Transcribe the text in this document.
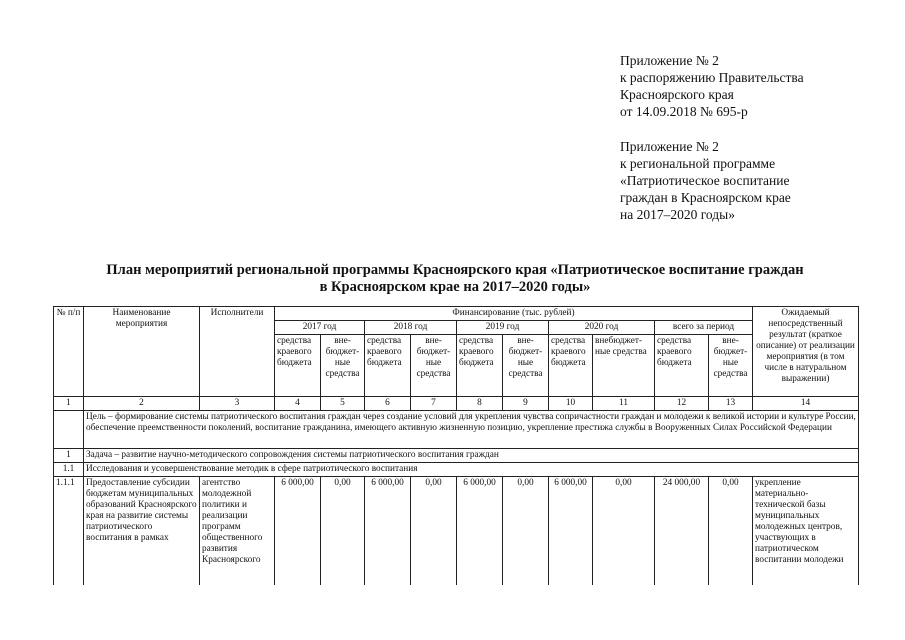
Приложение № 2
к распоряжению Правительства
Красноярского края
от 14.09.2018 № 695-р
Приложение № 2
к региональной программе
«Патриотическое воспитание
граждан в Красноярском крае
на 2017–2020 годы»
План мероприятий региональной программы Красноярского края «Патриотическое воспитание граждан
в Красноярском крае на 2017–2020 годы»
№ п/п	Наименование мероприятия	Исполнители	Финансирование (тыс. рублей)										Ожидаемый непосредственный результат (краткое описание) от реализации мероприятия (в том числе в натуральном выражении)
			2017 год		2018 год		2019 год		2020 год		всего за период		
			средства краевого бюджета	вне-бюджет-ные средства	средства краевого бюджета	вне-бюджет-ные средства	средства краевого бюджета	вне-бюджет-ные средства	средства краевого бюджета	внебюджет-ные средства	средства краевого бюджета	вне-бюджет-ные средства	
1	2	3	4	5	6	7	8	9	10	11	12	13	14
	Цель – формирование системы патриотического воспитания граждан через создание условий для укрепления чувства сопричастности граждан и молодежи к великой истории и культуре России, обеспечение преемственности поколений, воспитание гражданина, имеющего активную жизненную позицию, укрепление престижа службы в Вооруженных Силах Российской Федерации												
1	Задача – развитие научно-методического сопровождения системы патриотического воспитания граждан												
1.1	Исследования и усовершенствование методик в сфере патриотического воспитания												
1.1.1	Предоставление субсидии бюджетам муниципальных образований Красноярского края на развитие системы патриотического воспитания в рамках	агентство молодежной политики и реализации программ общественного развития Красноярского	6 000,00	0,00	6 000,00	0,00	6 000,00	0,00	6 000,00	0,00	24 000,00	0,00	укрепление материально-технической базы муниципальных молодежных центров, участвующих в патриотическом воспитании молодежи
